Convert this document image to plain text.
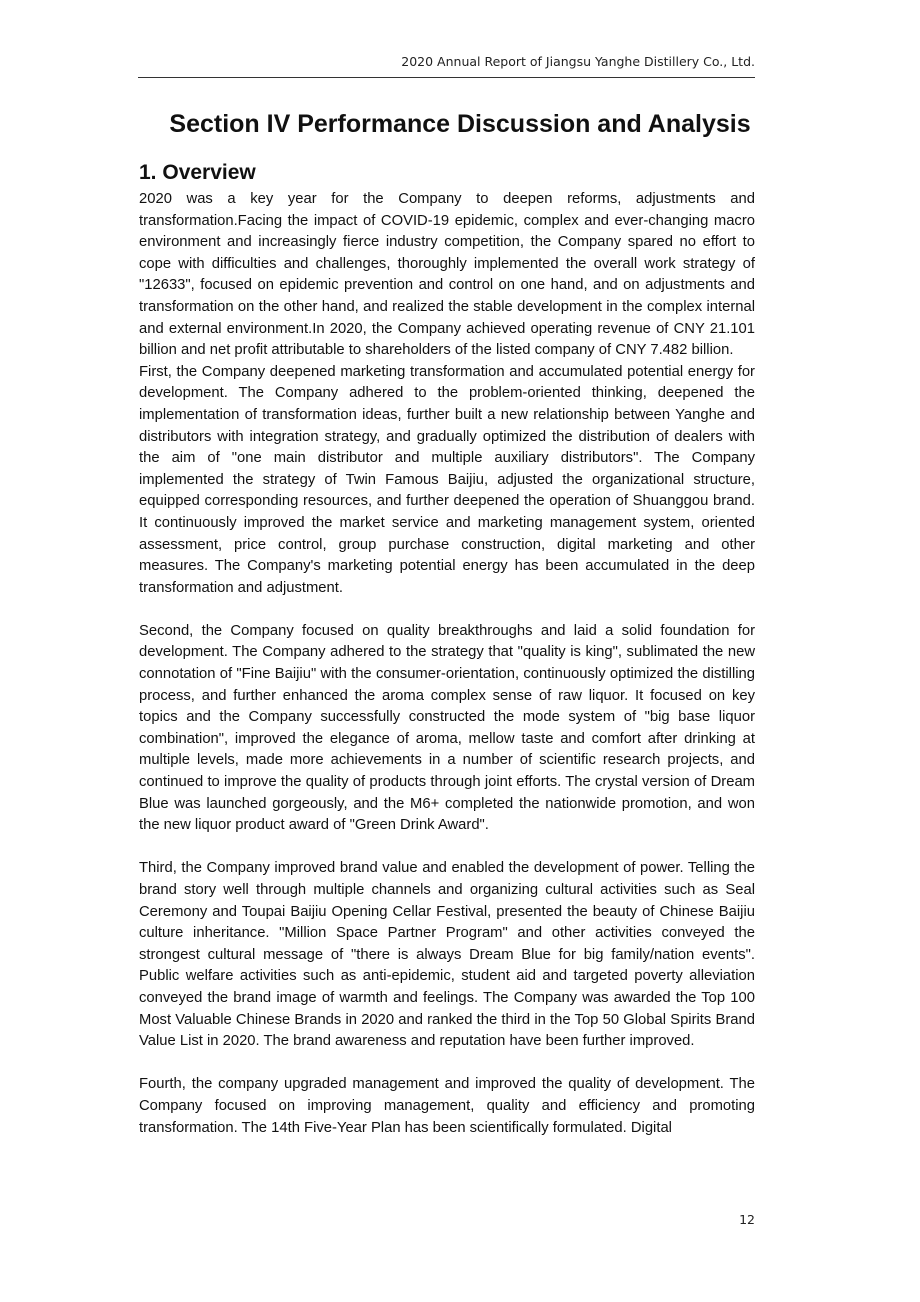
2020 Annual Report of Jiangsu Yanghe Distillery Co., Ltd.
Section IV Performance Discussion and Analysis
1. Overview

2020 was a key year for the Company to deepen reforms, adjustments and transformation.Facing the impact of COVID-19 epidemic, complex and ever-changing macro environment and increasingly fierce industry competition, the Company spared no effort to cope with difficulties and challenges, thoroughly implemented the overall work strategy of "12633", focused on epidemic prevention and control on one hand, and on adjustments and transformation on the other hand, and realized the stable development in the complex internal and external environment.In 2020, the Company achieved operating revenue of CNY 21.101 billion and net profit attributable to shareholders of the listed company of CNY 7.482 billion.

First, the Company deepened marketing transformation and accumulated potential energy for development. The Company adhered to the problem-oriented thinking, deepened the implementation of transformation ideas, further built a new relationship between Yanghe and distributors with integration strategy, and gradually optimized the distribution of dealers with the aim of "one main distributor and multiple auxiliary distributors". The Company implemented the strategy of Twin Famous Baijiu, adjusted the organizational structure, equipped corresponding resources, and further deepened the operation of Shuanggou brand. It continuously improved the market service and marketing management system, oriented assessment, price control, group purchase construction, digital marketing and other measures. The Company's marketing potential energy has been accumulated in the deep transformation and adjustment.

Second, the Company focused on quality breakthroughs and laid a solid foundation for development. The Company adhered to the strategy that "quality is king", sublimated the new connotation of "Fine Baijiu" with the consumer-orientation, continuously optimized the distilling process, and further enhanced the aroma complex sense of raw liquor. It focused on key topics and the Company successfully constructed the mode system of "big base liquor combination", improved the elegance of aroma, mellow taste and comfort after drinking at multiple levels, made more achievements in a number of scientific research projects, and continued to improve the quality of products through joint efforts. The crystal version of Dream Blue was launched gorgeously, and the M6+ completed the nationwide promotion, and won the new liquor product award of "Green Drink Award".

Third, the Company improved brand value and enabled the development of power. Telling the brand story well through multiple channels and organizing cultural activities such as Seal Ceremony and Toupai Baijiu Opening Cellar Festival, presented the beauty of Chinese Baijiu culture inheritance. "Million Space Partner Program" and other activities conveyed the strongest cultural message of "there is always Dream Blue for big family/nation events". Public welfare activities such as anti-epidemic, student aid and targeted poverty alleviation conveyed the brand image of warmth and feelings. The Company was awarded the Top 100 Most Valuable Chinese Brands in 2020 and ranked the third in the Top 50 Global Spirits Brand Value List in 2020. The brand awareness and reputation have been further improved.

Fourth, the company upgraded management and improved the quality of development. The Company focused on improving management, quality and efficiency and promoting transformation. The 14th Five-Year Plan has been scientifically formulated. Digital

12
